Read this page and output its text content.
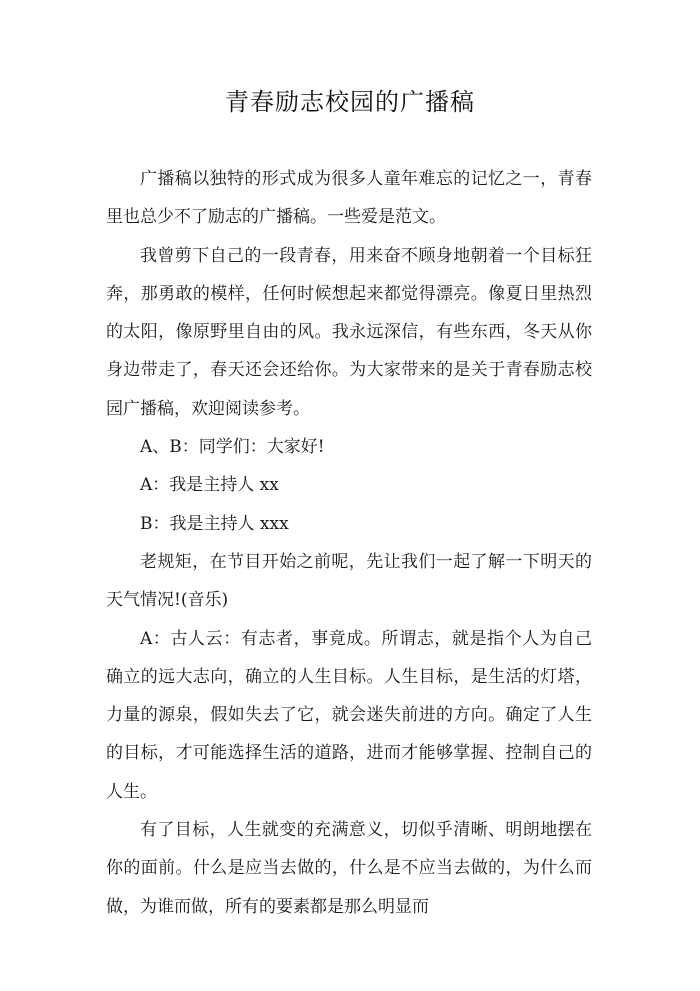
青春励志校园的广播稿

广播稿以独特的形式成为很多人童年难忘的记忆之一，青春里也总少不了励志的广播稿。一些爱是范文。

我曾剪下自己的一段青春，用来奋不顾身地朝着一个目标狂奔，那勇敢的模样，任何时候想起来都觉得漂亮。像夏日里热烈的太阳，像原野里自由的风。我永远深信，有些东西，冬天从你身边带走了，春天还会还给你。为大家带来的是关于青春励志校园广播稿，欢迎阅读参考。

A、B：同学们：大家好!

A：我是主持人 xx

B：我是主持人 xxx

老规矩，在节目开始之前呢，先让我们一起了解一下明天的天气情况!(音乐)

A：古人云：有志者，事竟成。所谓志，就是指个人为自己确立的远大志向，确立的人生目标。人生目标，是生活的灯塔，力量的源泉，假如失去了它，就会迷失前进的方向。确定了人生的目标，才可能选择生活的道路，进而才能够掌握、控制自己的人生。

有了目标，人生就变的充满意义，切似乎清晰、明朗地摆在你的面前。什么是应当去做的，什么是不应当去做的，为什么而做，为谁而做，所有的要素都是那么明显而
